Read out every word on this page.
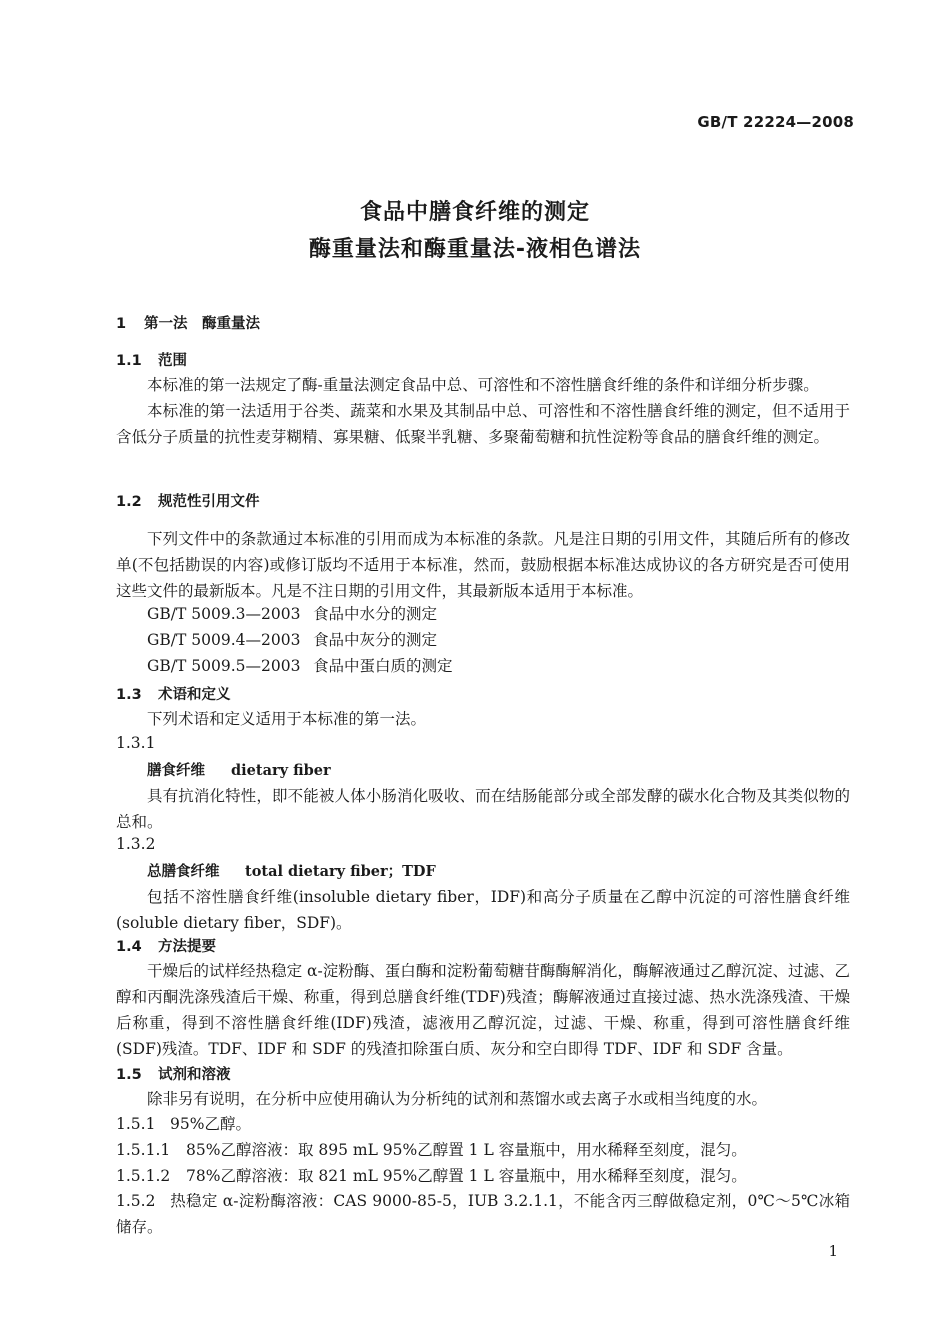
GB/T 22224—2008
食品中膳食纤维的测定
酶重量法和酶重量法-液相色谱法
1 第一法　酶重量法
1.1 范围
本标准的第一法规定了酶-重量法测定食品中总、可溶性和不溶性膳食纤维的条件和详细分析步骤。
本标准的第一法适用于谷类、蔬菜和水果及其制品中总、可溶性和不溶性膳食纤维的测定，但不适用于含低分子质量的抗性麦芽糊精、寡果糖、低聚半乳糖、多聚葡萄糖和抗性淀粉等食品的膳食纤维的测定。
1.2 规范性引用文件
下列文件中的条款通过本标准的引用而成为本标准的条款。凡是注日期的引用文件，其随后所有的修改单(不包括勘误的内容)或修订版均不适用于本标准，然而，鼓励根据本标准达成协议的各方研究是否可使用这些文件的最新版本。凡是不注日期的引用文件，其最新版本适用于本标准。
GB/T 5009.3—2003 食品中水分的测定
GB/T 5009.4—2003 食品中灰分的测定
GB/T 5009.5—2003 食品中蛋白质的测定
1.3 术语和定义
下列术语和定义适用于本标准的第一法。
1.3.1
膳食纤维 dietary fiber
具有抗消化特性，即不能被人体小肠消化吸收、而在结肠能部分或全部发酵的碳水化合物及其类似物的总和。
1.3.2
总膳食纤维 total dietary fiber；TDF
包括不溶性膳食纤维(insoluble dietary fiber，IDF)和高分子质量在乙醇中沉淀的可溶性膳食纤维(soluble dietary fiber，SDF)。
1.4 方法提要
干燥后的试样经热稳定 α-淀粉酶、蛋白酶和淀粉葡萄糖苷酶酶解消化，酶解液通过乙醇沉淀、过滤、乙醇和丙酮洗涤残渣后干燥、称重，得到总膳食纤维(TDF)残渣；酶解液通过直接过滤、热水洗涤残渣、干燥后称重，得到不溶性膳食纤维(IDF)残渣，滤液用乙醇沉淀，过滤、干燥、称重，得到可溶性膳食纤维(SDF)残渣。TDF、IDF 和 SDF 的残渣扣除蛋白质、灰分和空白即得 TDF、IDF 和 SDF 含量。
1.5 试剂和溶液
除非另有说明，在分析中应使用确认为分析纯的试剂和蒸馏水或去离子水或相当纯度的水。
1.5.1 95%乙醇。
1.5.1.1 85%乙醇溶液：取 895 mL 95%乙醇置 1 L 容量瓶中，用水稀释至刻度，混匀。
1.5.1.2 78%乙醇溶液：取 821 mL 95%乙醇置 1 L 容量瓶中，用水稀释至刻度，混匀。
1.5.2 热稳定 α-淀粉酶溶液：CAS 9000-85-5，IUB 3.2.1.1，不能含丙三醇做稳定剂，0℃～5℃冰箱储存。
1
